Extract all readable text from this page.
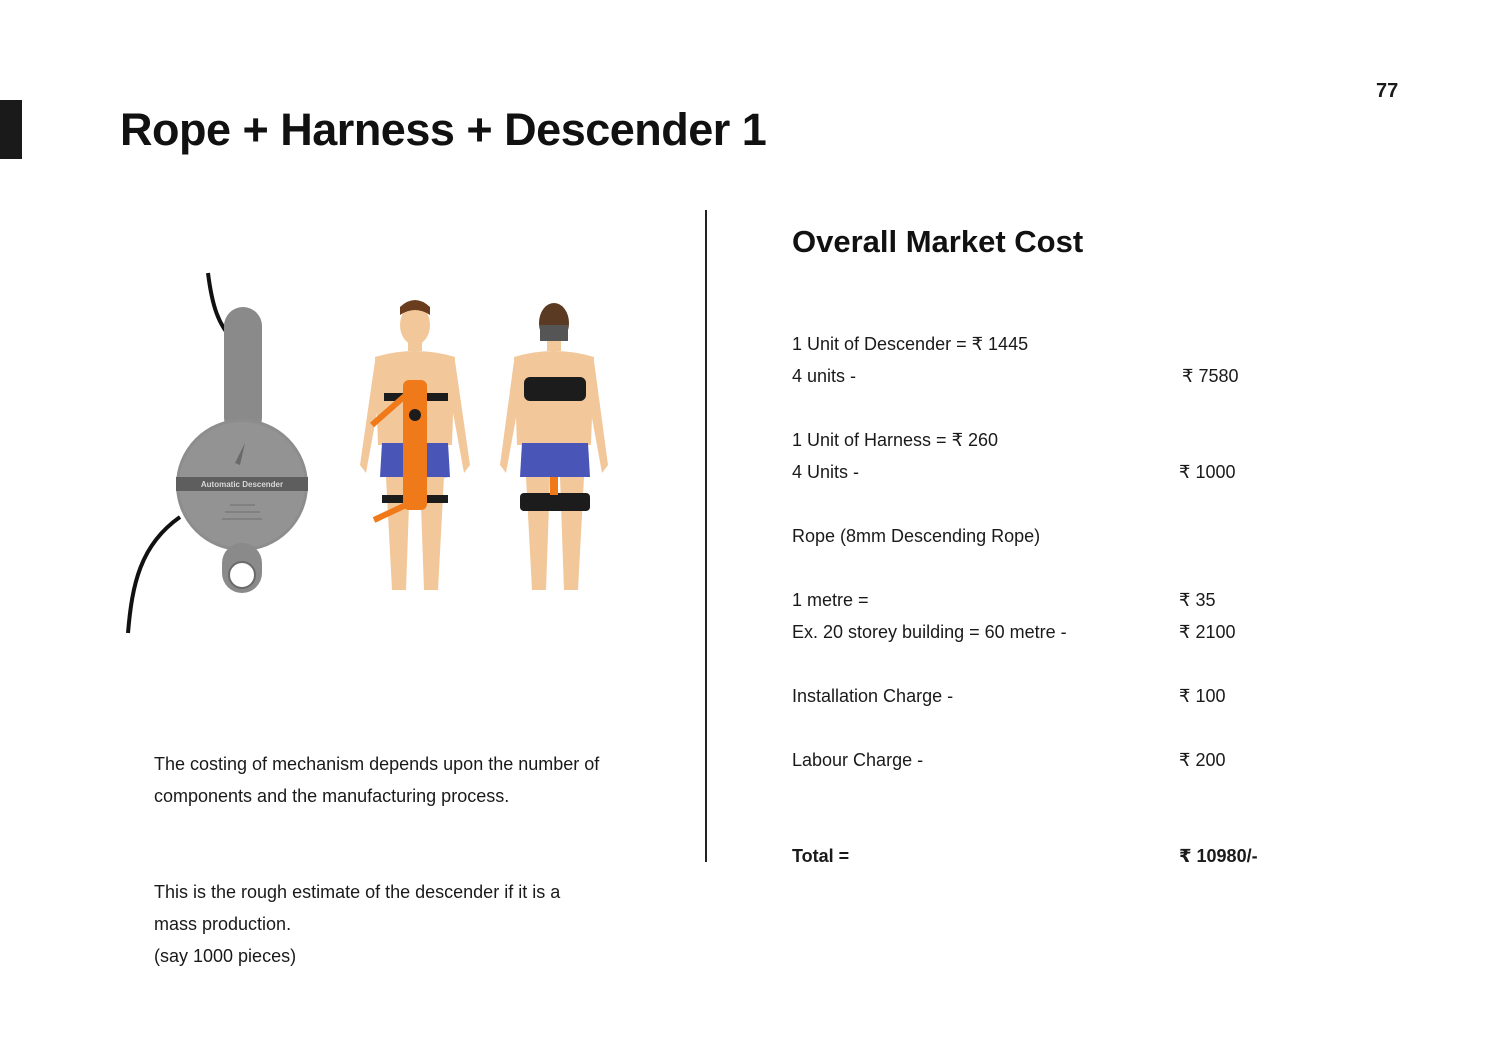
77
Rope + Harness + Descender 1
Automatic Descender

The costing of mechanism depends upon the number of components and the manufacturing process.

This is the rough estimate of the descender if it is a mass production.

(say 1000 pieces)

Overall Market Cost
1 Unit of Descender = ₹ 1445
4 units -	₹ 7580
1 Unit of Harness = ₹ 260
4 Units -	₹ 1000
Rope (8mm Descending Rope)
1 metre =	₹ 35
Ex. 20 storey building = 60 metre -	₹ 2100
Installation Charge -	₹ 100
Labour Charge -	₹ 200
Total =	₹ 10980/-
